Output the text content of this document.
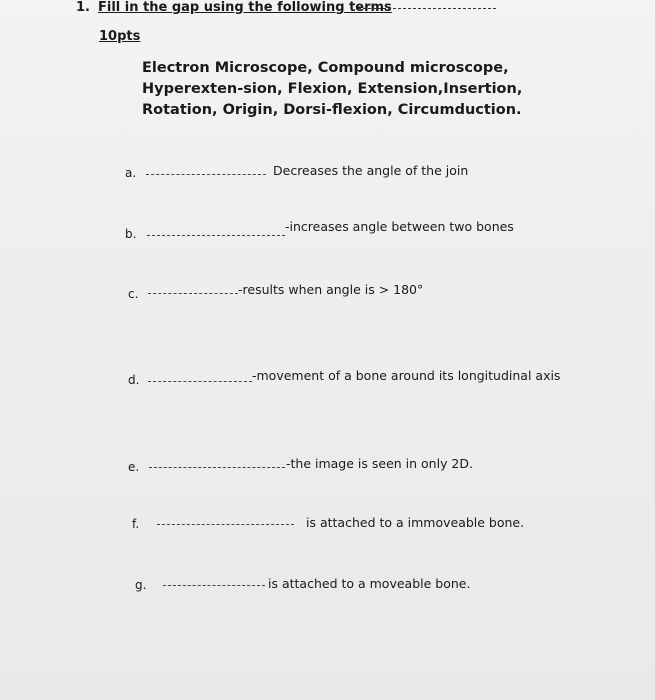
1. Fill in the gap using the following terms
10pts
Electron Microscope, Compound microscope, Hyperexten-sion, Flexion, Extension,Insertion, Rotation, Origin, Dorsi-flexion, Circumduction.
a.	Decreases the angle of the join
b.	-increases angle between two bones
c.	-results when angle is > 180°
d.	-movement of a bone around its longitudinal axis
e.	-the image is seen in only 2D.
f.	is attached to a immoveable bone.
g.	is attached to a moveable bone.
